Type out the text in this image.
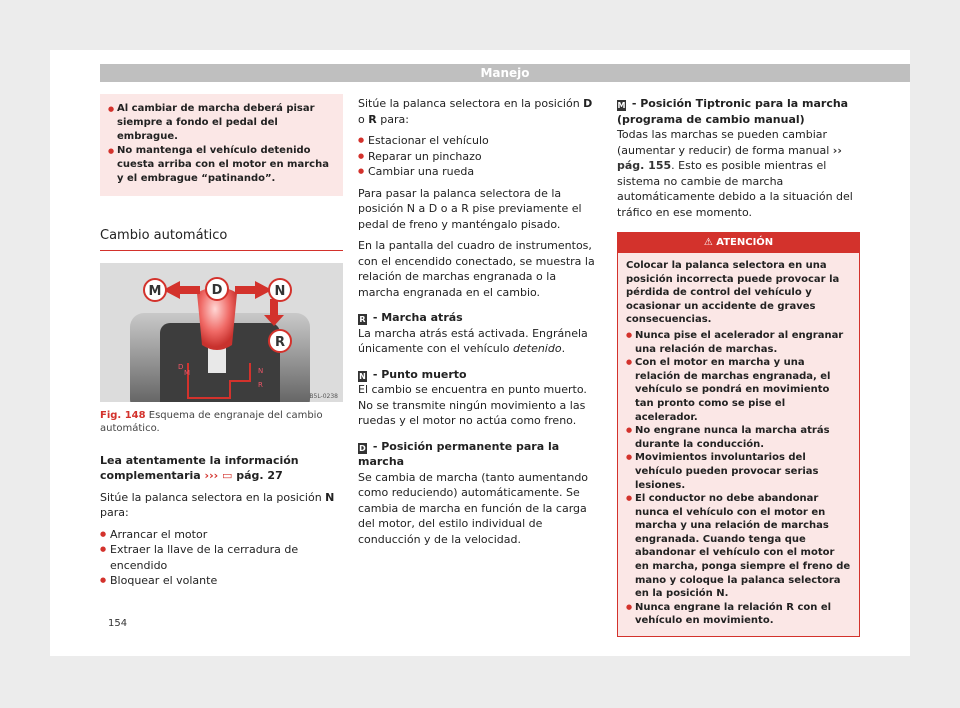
Manejo
● Al cambiar de marcha deberá pisar siempre a fondo el pedal del embrague.
● No mantenga el vehículo detenido cuesta arriba con el motor en marcha y el embrague “patinando”.
Cambio automático
D
M	N
R
M	D	N
R
B5L-0238
Fig. 148 Esquema de engranaje del cambio automático.

Lea atentamente la información complementaria ››› ▭ pág. 27

Sitúe la palanca selectora en la posición N para:

● Arrancar el motor
● Extraer la llave de la cerradura de encendido
● Bloquear el volante

Sitúe la palanca selectora en la posición D o R para:

● Estacionar el vehículo
● Reparar un pinchazo
● Cambiar una rueda

Para pasar la palanca selectora de la posición N a D o a R pise previamente el pedal de freno y manténgalo pisado.

En la pantalla del cuadro de instrumentos, con el encendido conectado, se muestra la relación de marchas engranada o la marcha engranada en el cambio.

R - Marcha atrás

La marcha atrás está activada. Engránela únicamente con el vehículo detenido.

N - Punto muerto

El cambio se encuentra en punto muerto. No se transmite ningún movimiento a las ruedas y el motor no actúa como freno.

D - Posición permanente para la marcha

Se cambia de marcha (tanto aumentando como reduciendo) automáticamente. Se cambia de marcha en función de la carga del motor, del estilo individual de conducción y de la velocidad.

M - Posición Tiptronic para la marcha (programa de cambio manual)

Todas las marchas se pueden cambiar (aumentar y reducir) de forma manual ›› pág. 155. Esto es posible mientras el sistema no cambie de marcha automáticamente debido a la situación del tráfico en ese momento.

⚠ ATENCIÓN
Colocar la palanca selectora en una posición incorrecta puede provocar la pérdida de control del vehículo y ocasionar un accidente de graves consecuencias.
● Nunca pise el acelerador al engranar una relación de marchas.
● Con el motor en marcha y una relación de marchas engranada, el vehículo se pondrá en movimiento tan pronto como se pise el acelerador.
● No engrane nunca la marcha atrás durante la conducción.
● Movimientos involuntarios del vehículo pueden provocar serias lesiones.
● El conductor no debe abandonar nunca el vehículo con el motor en marcha y una relación de marchas engranada. Cuando tenga que abandonar el vehículo con el motor en marcha, ponga siempre el freno de mano y coloque la palanca selectora en la posición N.
● Nunca engrane la relación R con el vehículo en movimiento.
154
